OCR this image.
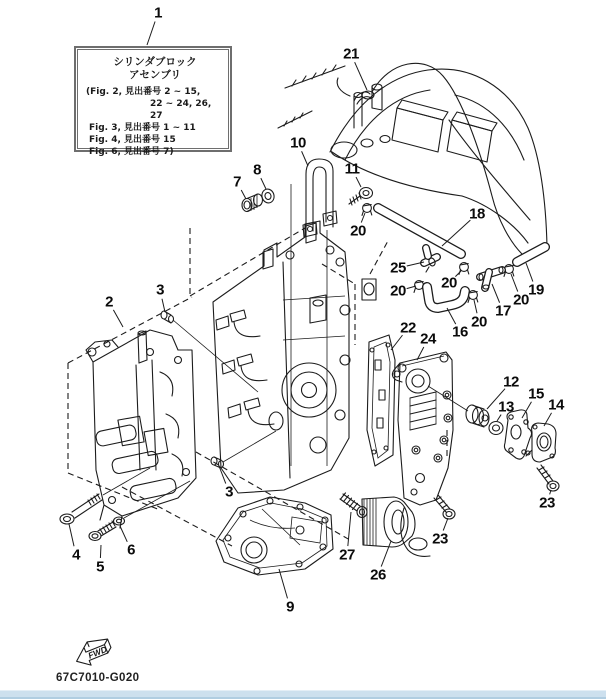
FWD
シリンダブロック
アセンブリ
(Fig. 2, 見出番号 2 ~ 15,
22 ~ 24, 26, 27
Fig. 3, 見出番号 1 ~ 11
Fig. 4, 見出番号 15
Fig. 6, 見出番号 7)
1
21
7
8
10
11
20
18
2
3
25
20
20	19
20
17
20
16
22
24
12
15
13 14
23
3
4
5
6
23
27
26
9
67C7010-G020
